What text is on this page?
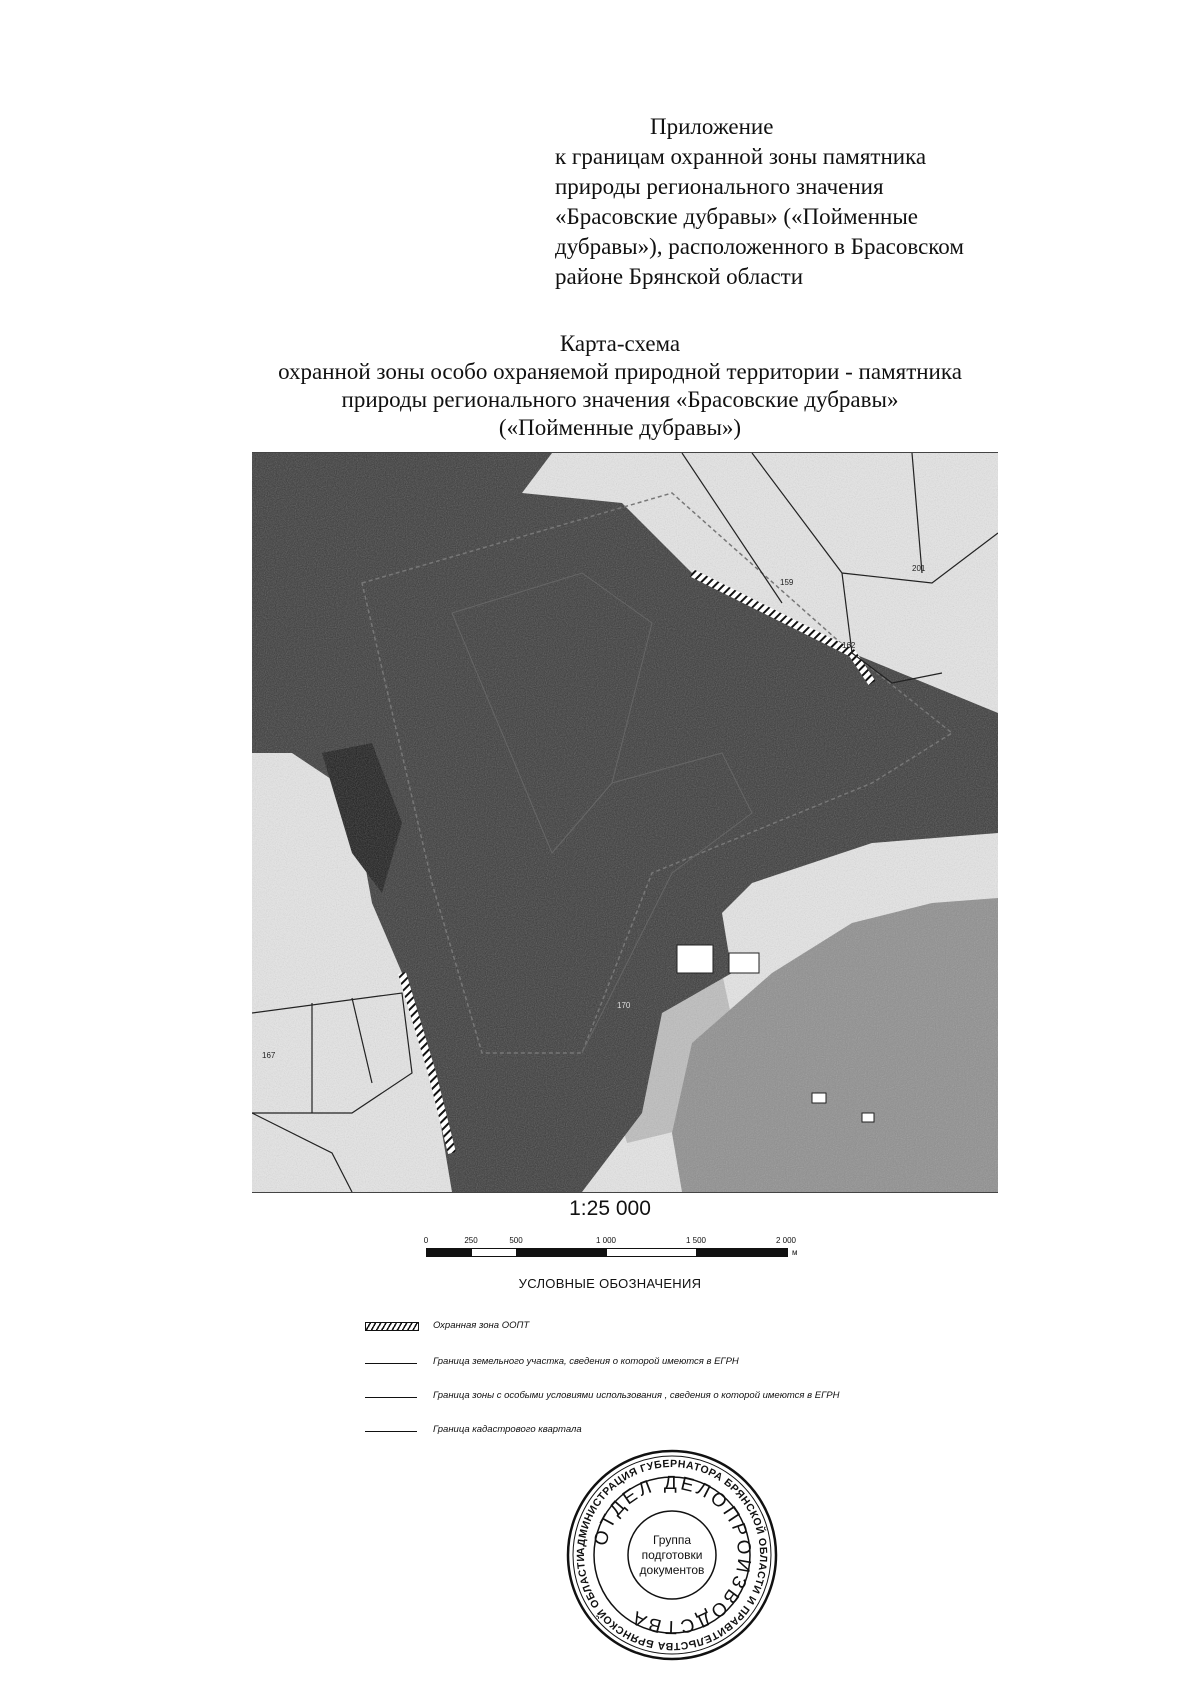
Приложение
к границам охранной зоны памятника
природы регионального значения
«Брасовские дубравы» («Пойменные
дубравы»), расположенного в Брасовском
районе Брянской области
Карта-схема
охранной зоны особо охраняемой природной территории - памятника
природы регионального значения «Брасовские дубравы»
(«Пойменные дубравы»)
201
159
162
170
167
1:25 000
0	250	500	1 000	1 500	2 000
м
УСЛОВНЫЕ ОБОЗНАЧЕНИЯ
Охранная зона ООПТ
Граница земельного участка, сведения о которой имеются в ЕГРН
Граница зоны с особыми условиями использования , сведения о которой имеются в ЕГРН
Граница кадастрового квартала
АДМИНИСТРАЦИЯ ГУБЕРНАТОРА БРЯНСКОЙ ОБЛАСТИ И ПРАВИТЕЛЬСТВА БРЯНСКОЙ ОБЛАСТИ
ОТДЕЛ ДЕЛОПРОИЗВОДСТВА
Группа
подготовки
документов
